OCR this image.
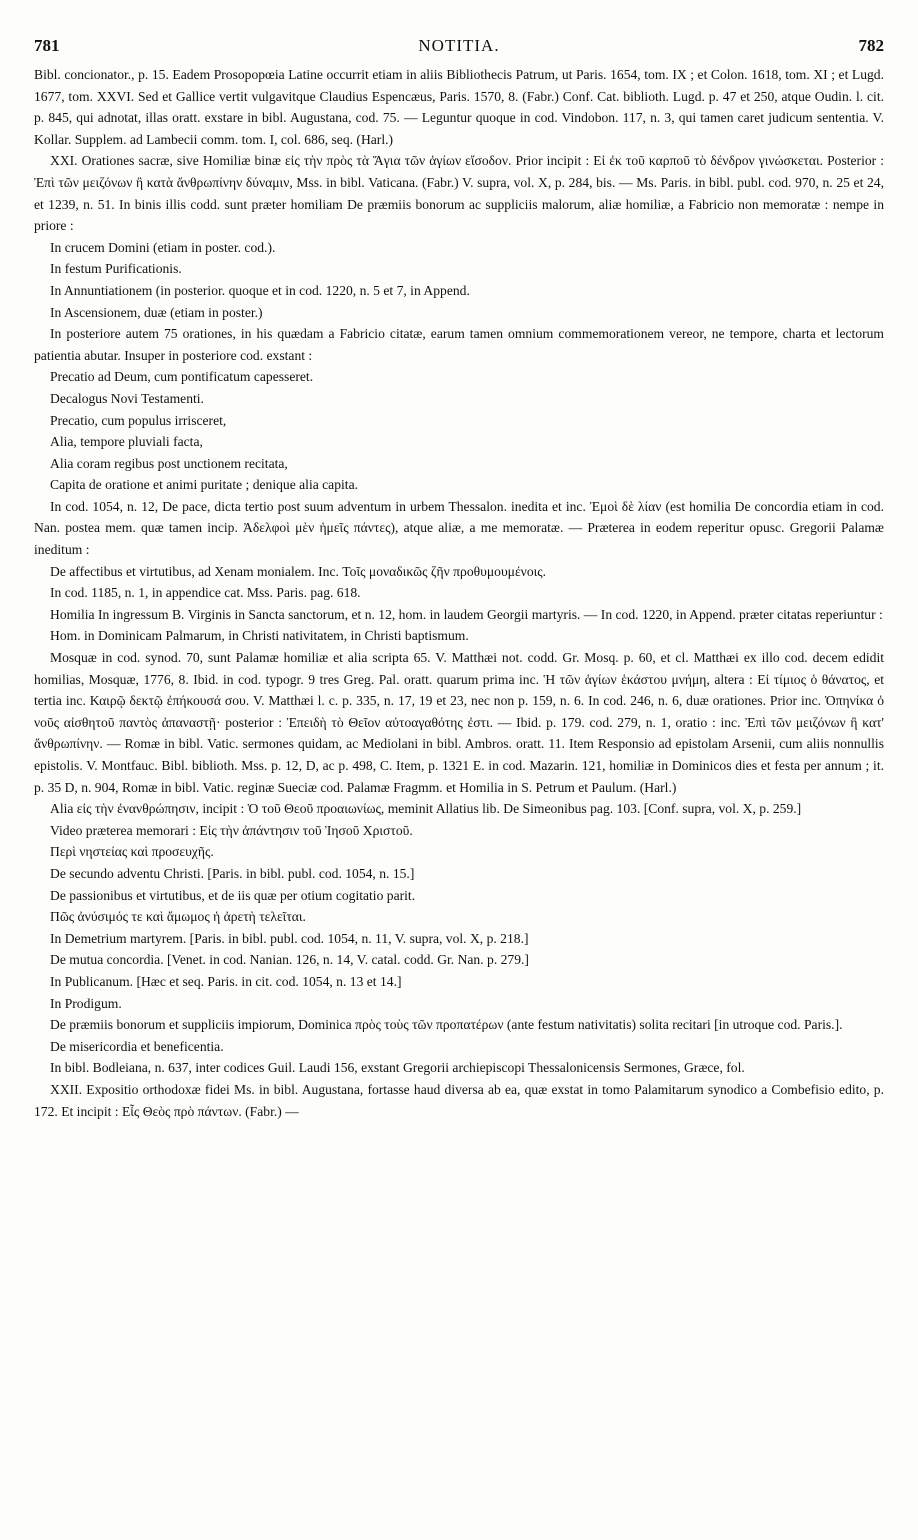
781	NOTITIA.	782

Bibl. concionator., p. 15. Eadem Prosopopœia Latine occurrit etiam in aliis Bibliothecis Patrum, ut Paris. 1654, tom. IX ; et Colon. 1618, tom. XI ; et Lugd. 1677, tom. XXVI. Sed et Gallice vertit vulgavitque Claudius Espencæus, Paris. 1570, 8. (Fabr.) Conf. Cat. biblioth. Lugd. p. 47 et 250, atque Oudin. l. cit. p. 845, qui adnotat, illas oratt. exstare in bibl. Augustana, cod. 75. — Leguntur quoque in cod. Vindobon. 117, n. 3, qui tamen caret judicum sententia. V. Kollar. Supplem. ad Lambecii comm. tom. I, col. 686, seq. (Harl.)

XXI. Orationes sacræ, sive Homiliæ binæ εἰς τὴν πρὸς τὰ Ἅγια τῶν ἁγίων εἴσοδον. Prior incipit : Εἰ ἐκ τοῦ καρποῦ τὸ δένδρον γινώσκεται. Posterior : Ἐπὶ τῶν μειζόνων ἢ κατὰ ἄνθρωπίνην δύναμιν, Mss. in bibl. Vaticana. (Fabr.) V. supra, vol. X, p. 284, bis. — Ms. Paris. in bibl. publ. cod. 970, n. 25 et 24, et 1239, n. 51. In binis illis codd. sunt præter homiliam De præmiis bonorum ac suppliciis malorum, aliæ homiliæ, a Fabricio non memoratæ : nempe in priore :

In crucem Domini (etiam in poster. cod.).

In festum Purificationis.

In Annuntiationem (in posterior. quoque et in cod. 1220, n. 5 et 7, in Append.

In Ascensionem, duæ (etiam in poster.)

In posteriore autem 75 orationes, in his quædam a Fabricio citatæ, earum tamen omnium commemorationem vereor, ne tempore, charta et lectorum patientia abutar. Insuper in posteriore cod. exstant :

Precatio ad Deum, cum pontificatum capesseret.

Decalogus Novi Testamenti.

Precatio, cum populus irrisceret,

Alia, tempore pluviali facta,

Alia coram regibus post unctionem recitata,

Capita de oratione et animi puritate ; denique alia capita.

In cod. 1054, n. 12, De pace, dicta tertio post suum adventum in urbem Thessalon. inedita et inc. Ἐμοὶ δὲ λίαν (est homilia De concordia etiam in cod. Nan. postea mem. quæ tamen incip. Ἀδελφοὶ μὲν ἡμεῖς πάντες), atque aliæ, a me memoratæ. — Præterea in eodem reperitur opusc. Gregorii Palamæ ineditum :

De affectibus et virtutibus, ad Xenam monialem. Inc. Τοῖς μοναδικῶς ζῆν προθυμουμένοις.

In cod. 1185, n. 1, in appendice cat. Mss. Paris. pag. 618.

Homilia In ingressum B. Virginis in Sancta sanctorum, et n. 12, hom. in laudem Georgii martyris. — In cod. 1220, in Append. præter citatas reperiuntur :

Hom. in Dominicam Palmarum, in Christi nativitatem, in Christi baptismum.

Mosquæ in cod. synod. 70, sunt Palamæ homiliæ et alia scripta 65. V. Matthæi not. codd. Gr. Mosq. p. 60, et cl. Matthæi ex illo cod. decem edidit homilias, Mosquæ, 1776, 8. Ibid. in cod. typogr. 9 tres Greg. Pal. oratt. quarum prima inc. Ἡ τῶν ἁγίων ἑκάστου μνήμη, altera : Εἰ τίμιος ὁ θάνατος, et tertia inc. Καιρῷ δεκτῷ ἐπήκουσά σου. V. Matthæi l. c. p. 335, n. 17, 19 et 23, nec non p. 159, n. 6. In cod. 246, n. 6, duæ orationes. Prior inc. Ὁπηνίκα ὁ νοῦς αἰσθητοῦ παντὸς ἀπαναστῇ· posterior : Ἐπειδὴ τὸ Θεῖον αὐτοαγαθότης ἐστι. — Ibid. p. 179. cod. 279, n. 1, oratio : inc. Ἐπὶ τῶν μειζόνων ἢ κατ' ἄνθρωπίνην. — Romæ in bibl. Vatic. sermones quidam, ac Mediolani in bibl. Ambros. oratt. 11. Item Responsio ad epistolam Arsenii, cum aliis nonnullis epistolis. V. Montfauc. Bibl. biblioth. Mss. p. 12, D, ac p. 498, C. Item, p. 1321 E. in cod. Mazarin. 121, homiliæ in Dominicos dies et festa per annum ; it. p. 35 D, n. 904, Romæ in bibl. Vatic. reginæ Sueciæ cod. Palamæ Fragmm. et Homilia in S. Petrum et Paulum. (Harl.)

Alia εἰς τὴν ἐνανθρώπησιν, incipit : Ὁ τοῦ Θεοῦ προαιωνίως, meminit Allatius lib. De Simeonibus pag. 103. [Conf. supra, vol. X, p. 259.]

Video præterea memorari : Εἰς τὴν ἀπάντησιν τοῦ Ἰησοῦ Χριστοῦ.

Περὶ νηστείας καὶ προσευχῆς.

De secundo adventu Christi. [Paris. in bibl. publ. cod. 1054, n. 15.]

De passionibus et virtutibus, et de iis quæ per otium cogitatio parit.

Πῶς ἀνύσιμός τε καὶ ἄμωμος ἡ ἀρετὴ τελεῖται.

In Demetrium martyrem. [Paris. in bibl. publ. cod. 1054, n. 11, V. supra, vol. X, p. 218.]

De mutua concordia. [Venet. in cod. Nanian. 126, n. 14, V. catal. codd. Gr. Nan. p. 279.]

In Publicanum. [Hæc et seq. Paris. in cit. cod. 1054, n. 13 et 14.]

In Prodigum.

De præmiis bonorum et suppliciis impiorum, Dominica πρὸς τοὺς τῶν προπατέρων (ante festum nativitatis) solita recitari [in utroque cod. Paris.].

De misericordia et beneficentia.

In bibl. Bodleiana, n. 637, inter codices Guil. Laudi 156, exstant Gregorii archiepiscopi Thessalonicensis Sermones, Græce, fol.

XXII. Expositio orthodoxæ fidei Ms. in bibl. Augustana, fortasse haud diversa ab ea, quæ exstat in tomo Palamitarum synodico a Combefisio edito, p. 172. Et incipit : Εἷς Θεὸς πρὸ πάντων. (Fabr.) —
